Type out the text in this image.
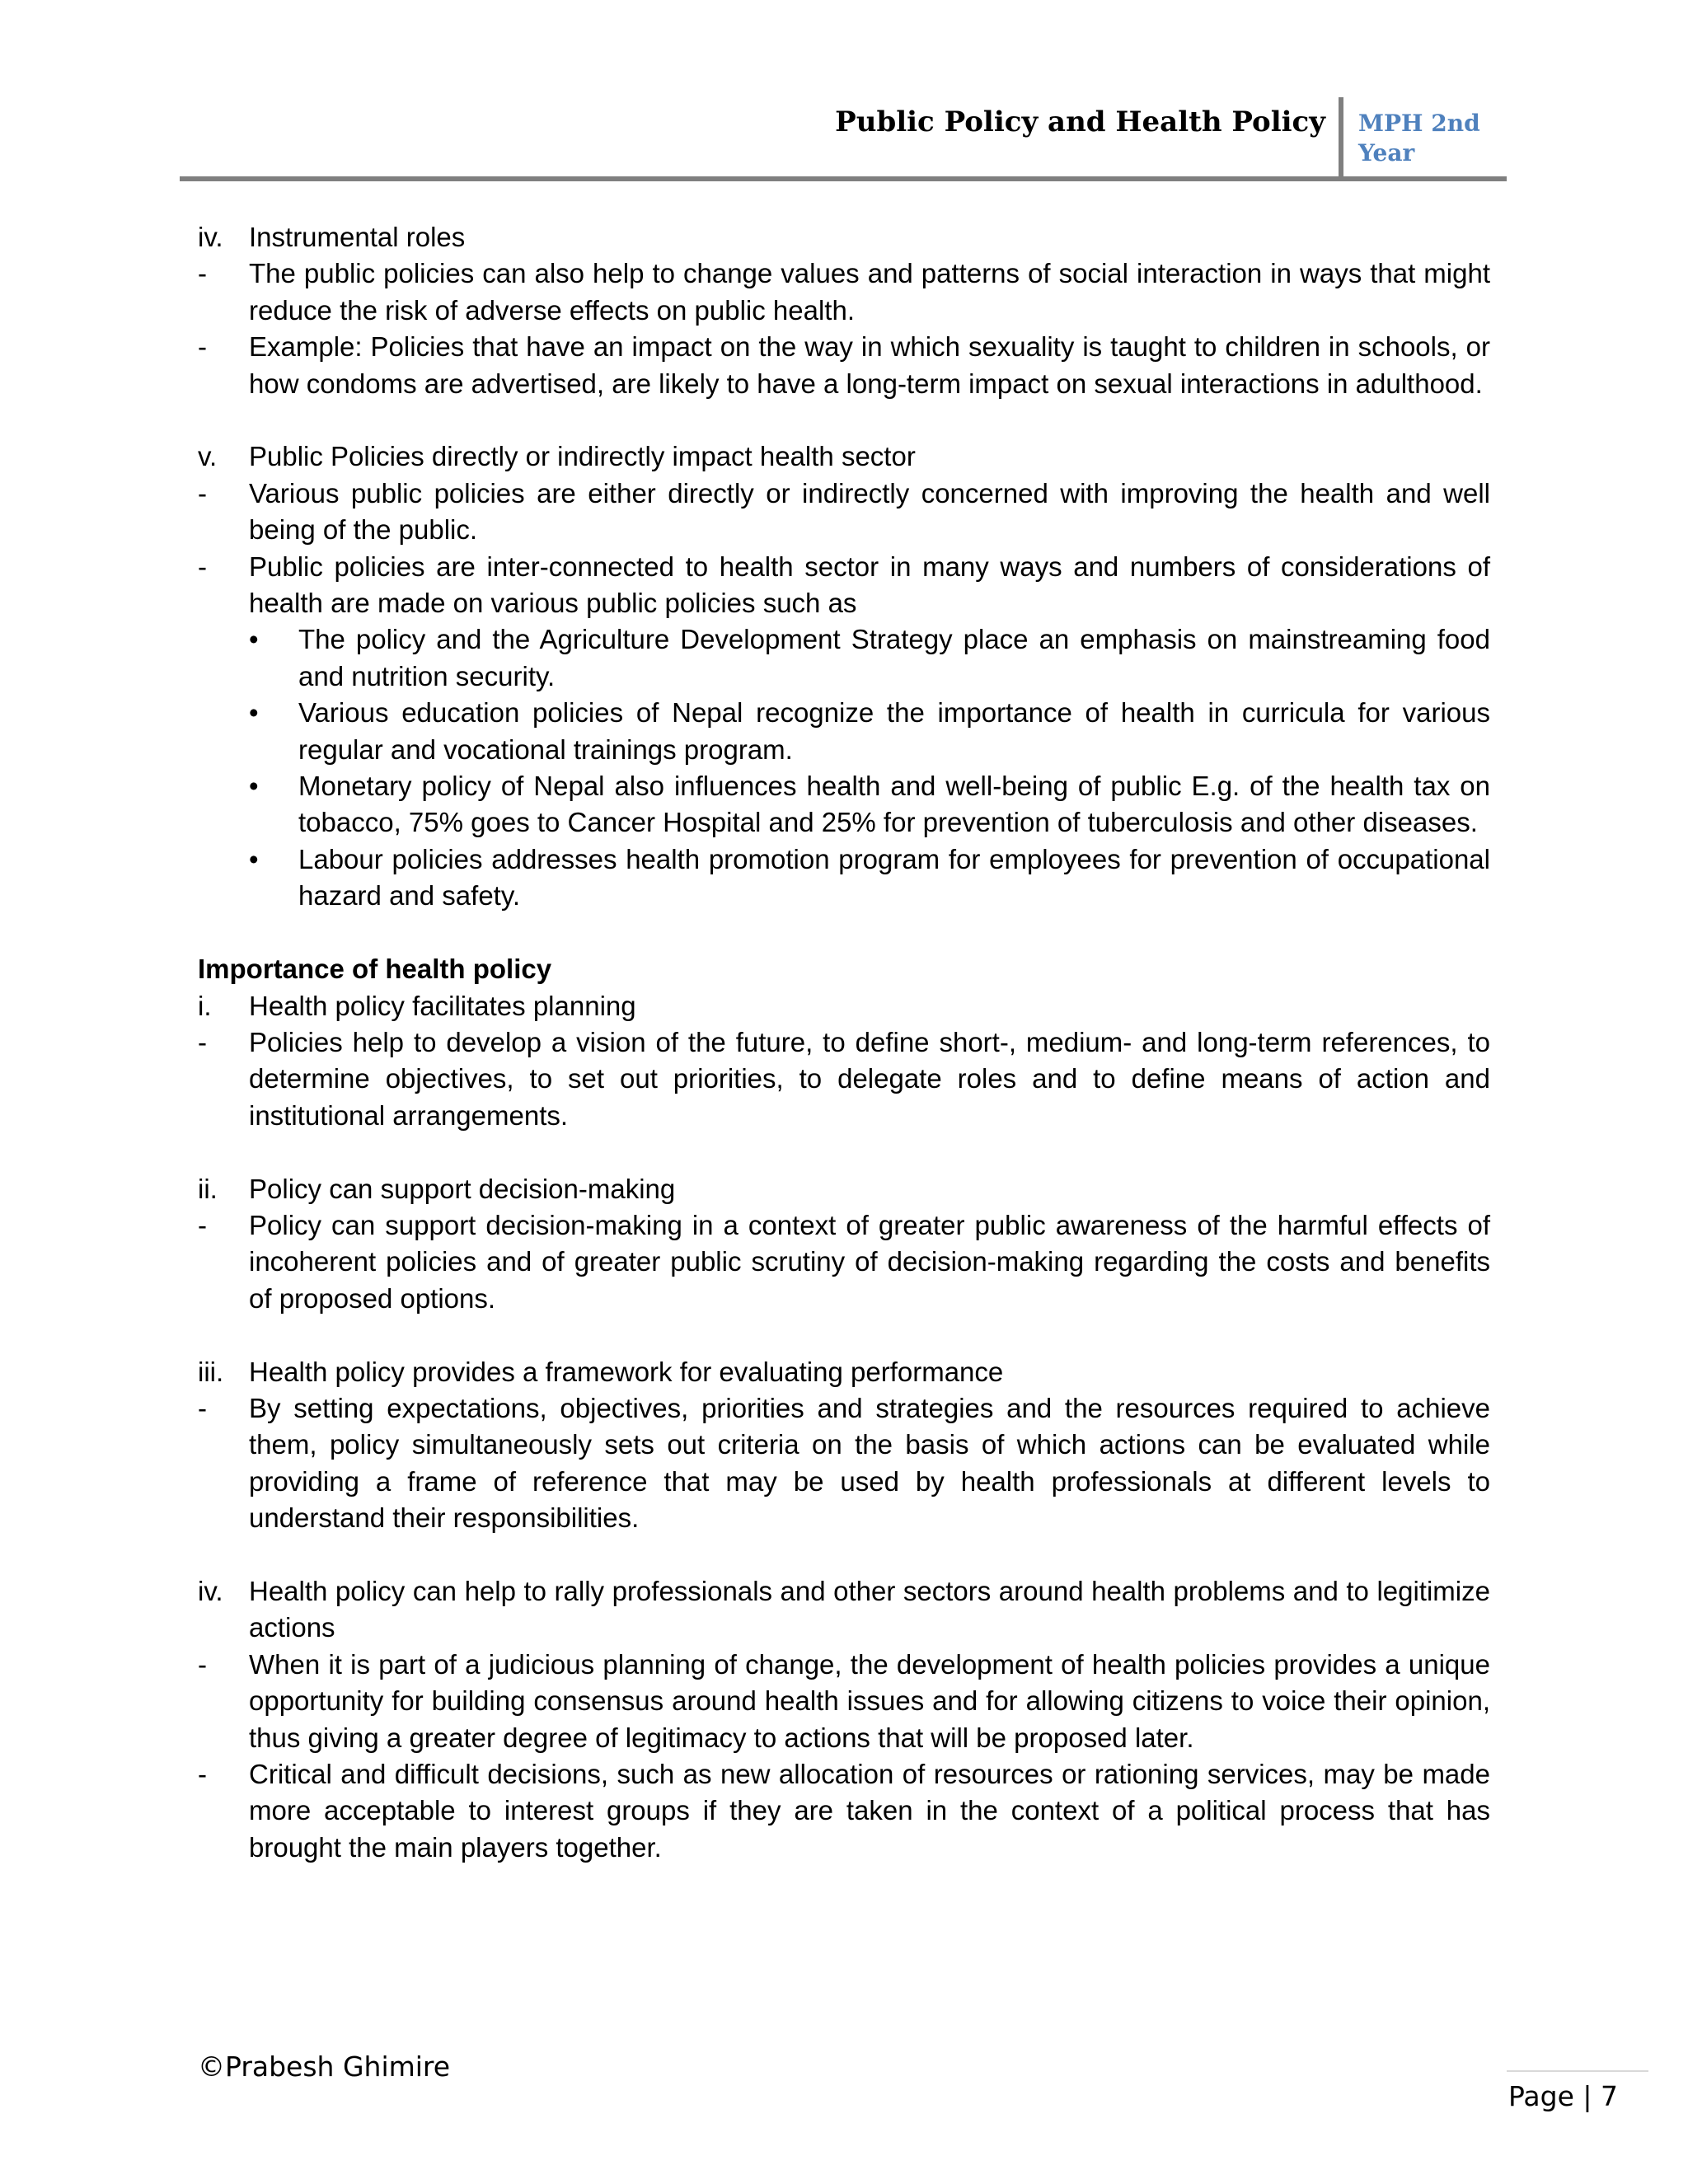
Public Policy and Health Policy MPH 2nd Year
iv. Instrumental roles
-	The public policies can also help to change values and patterns of social interaction in ways that might reduce the risk of adverse effects on public health.
-	Example: Policies that have an impact on the way in which sexuality is taught to children in schools, or how condoms are advertised, are likely to have a long-term impact on sexual interactions in adulthood.
v.	Public Policies directly or indirectly impact health sector
-	Various public policies are either directly or indirectly concerned with improving the health and well being of the public.
-	Public policies are inter-connected to health sector in many ways and numbers of considerations of health are made on various public policies such as
•	The policy and the Agriculture Development Strategy place an emphasis on mainstreaming food and nutrition security.
•	Various education policies of Nepal recognize the importance of health in curricula for various regular and vocational trainings program.
•	Monetary policy of Nepal also influences health and well-being of public E.g. of the health tax on tobacco, 75% goes to Cancer Hospital and 25% for prevention of tuberculosis and other diseases.
•	Labour policies addresses health promotion program for employees for prevention of occupational hazard and safety.
Importance of health policy
i.	Health policy facilitates planning
-	Policies help to develop a vision of the future, to define short-, medium- and long-term references, to determine objectives, to set out priorities, to delegate roles and to define means of action and institutional arrangements.
ii.	Policy can support decision-making
-	Policy can support decision-making in a context of greater public awareness of the harmful effects of incoherent policies and of greater public scrutiny of decision-making regarding the costs and benefits of proposed options.
iii. Health policy provides a framework for evaluating performance
-	By setting expectations, objectives, priorities and strategies and the resources required to achieve them, policy simultaneously sets out criteria on the basis of which actions can be evaluated while providing a frame of reference that may be used by health professionals at different levels to understand their responsibilities.
iv. Health policy can help to rally professionals and other sectors around health problems and to legitimize actions
-	When it is part of a judicious planning of change, the development of health policies provides a unique opportunity for building consensus around health issues and for allowing citizens to voice their opinion, thus giving a greater degree of legitimacy to actions that will be proposed later.
-	Critical and difficult decisions, such as new allocation of resources or rationing services, may be made more acceptable to interest groups if they are taken in the context of a political process that has brought the main players together.
©Prabesh Ghimire
Page | 7
